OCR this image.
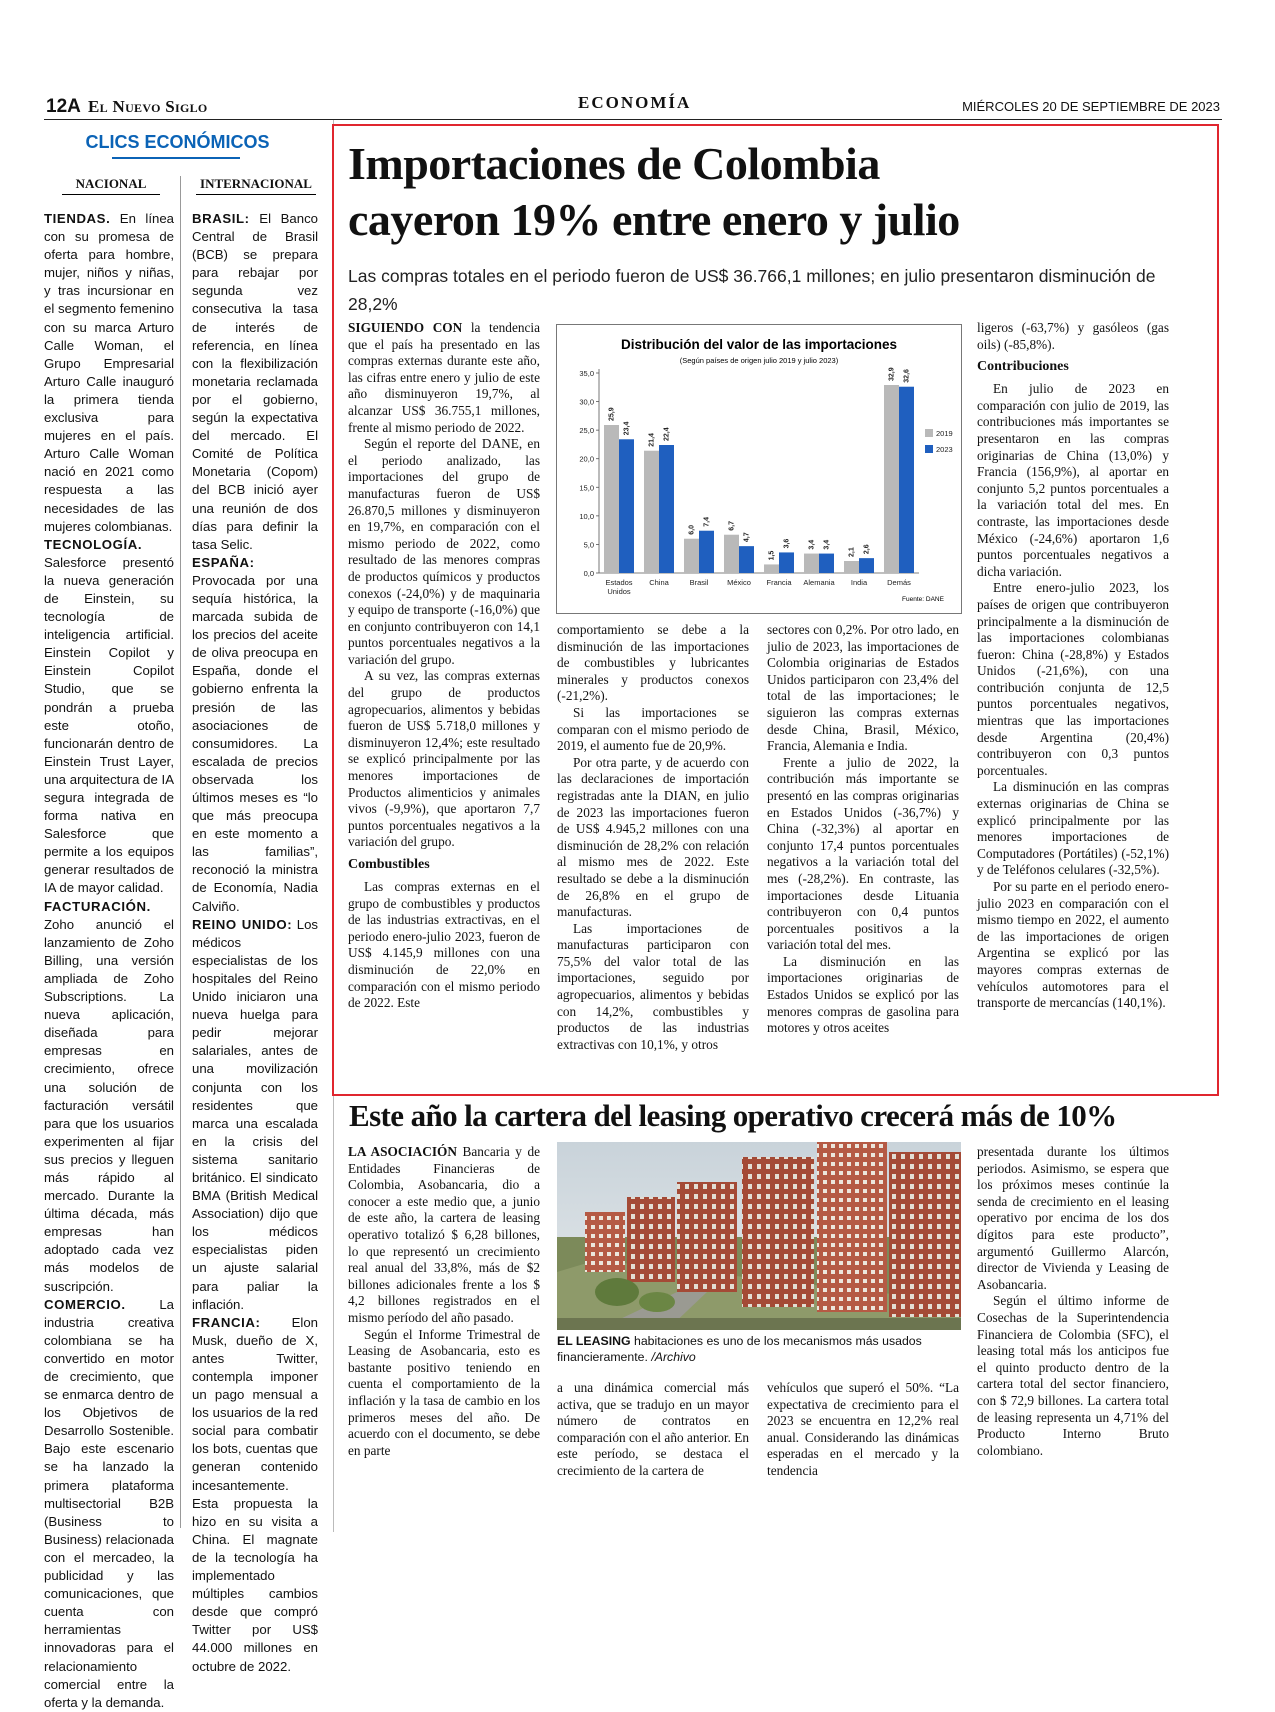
12A El Nuevo Siglo	ECONOMÍA	MIÉRCOLES 20 DE SEPTIEMBRE DE 2023
CLICS ECONÓMICOS
NACIONAL	INTERNACIONAL

TIENDAS. En línea con su promesa de oferta para hombre, mujer, niños y niñas, y tras incursionar en el segmento femenino con su marca Arturo Calle Woman, el Grupo Empresarial Arturo Calle inauguró la primera tienda exclusiva para mujeres en el país. Arturo Calle Woman nació en 2021 como respuesta a las necesidades de las mujeres colombianas.

TECNOLOGÍA. Salesforce presentó la nueva generación de Einstein, su tecnología de inteligencia artificial. Einstein Copilot y Einstein Copilot Studio, que se pondrán a prueba este otoño, funcionarán dentro de Einstein Trust Layer, una arquitectura de IA segura integrada de forma nativa en Salesforce que permite a los equipos generar resultados de IA de mayor calidad.

FACTURACIÓN. Zoho anunció el lanzamiento de Zoho Billing, una versión ampliada de Zoho Subscriptions. La nueva aplicación, diseñada para empresas en crecimiento, ofrece una solución de facturación versátil para que los usuarios experimenten al fijar sus precios y lleguen más rápido al mercado. Durante la última década, más empresas han adoptado cada vez más modelos de suscripción.

COMERCIO. La industria creativa colombiana se ha convertido en motor de crecimiento, que se enmarca dentro de los Objetivos de Desarrollo Sostenible. Bajo este escenario se ha lanzado la primera plataforma multisectorial B2B (Business to Business) relacionada con el mercadeo, la publicidad y las comunicaciones, que cuenta con herramientas innovadoras para el relacionamiento comercial entre la oferta y la demanda.

BRASIL: El Banco Central de Brasil (BCB) se prepara para rebajar por segunda vez consecutiva la tasa de interés de referencia, en línea con la flexibilización monetaria reclamada por el gobierno, según la expectativa del mercado. El Comité de Política Monetaria (Copom) del BCB inició ayer una reunión de dos días para definir la tasa Selic.

ESPAÑA: Provocada por una sequía histórica, la marcada subida de los precios del aceite de oliva preocupa en España, donde el gobierno enfrenta la presión de las asociaciones de consumidores. La escalada de precios observada los últimos meses es “lo que más preocupa en este momento a las familias”, reconoció la ministra de Economía, Nadia Calviño.

REINO UNIDO: Los médicos especialistas de los hospitales del Reino Unido iniciaron una nueva huelga para pedir mejorar salariales, antes de una movilización conjunta con los residentes que marca una escalada en la crisis del sistema sanitario británico. El sindicato BMA (British Medical Association) dijo que los médicos especialistas piden un ajuste salarial para paliar la inflación.

FRANCIA: Elon Musk, dueño de X, antes Twitter, contempla imponer un pago mensual a los usuarios de la red social para combatir los bots, cuentas que generan contenido incesantemente. Esta propuesta la hizo en su visita a China. El magnate de la tecnología ha implementado múltiples cambios desde que compró Twitter por US$ 44.000 millones en octubre de 2022.

Importaciones de Colombia
cayeron 19% entre enero y julio
Las compras totales en el periodo fueron de US$ 36.766,1 millones; en julio presentaron disminución de 28,2%

SIGUIENDO CON la tendencia que el país ha presentado en las compras externas durante este año, las cifras entre enero y julio de este año disminuyeron 19,7%, al alcanzar US$ 36.755,1 millones, frente al mismo periodo de 2022.

Según el reporte del DANE, en el periodo analizado, las importaciones del grupo de manufacturas fueron de US$ 26.870,5 millones y disminuyeron en 19,7%, en comparación con el mismo periodo de 2022, como resultado de las menores compras de productos químicos y productos conexos (-24,0%) y de maquinaria y equipo de transporte (-16,0%) que en conjunto contribuyeron con 14,1 puntos porcentuales negativos a la variación del grupo.

A su vez, las compras externas del grupo de productos agropecuarios, alimentos y bebidas fueron de US$ 5.718,0 millones y disminuyeron 12,4%; este resultado se explicó principalmente por las menores importaciones de Productos alimenticios y animales vivos (-9,9%), que aportaron 7,7 puntos porcentuales negativos a la variación del grupo.

Combustibles

Las compras externas en el grupo de combustibles y productos de las industrias extractivas, en el periodo enero-julio 2023, fueron de US$ 4.145,9 millones con una disminución de 22,0% en comparación con el mismo periodo de 2022. Este

Distribución del valor de las importaciones
(Según países de origen julio 2019 y julio 2023)
0,0
5,0
10,0
15,0
20,0
25,0
30,0
35,0
25,9
23,4
Estados Unidos
21,4 22,4
China
6,0
7,4
Brasil
6,7
4,7
México
1,5
3,6
Francia
3,4 3,4
Alemania
2,1 2,6
India
32,9 32,6
Demás
2019
2023
Fuente: DANE

comportamiento se debe a la disminución de las importaciones de combustibles y lubricantes minerales y productos conexos (-21,2%).

Si las importaciones se comparan con el mismo periodo de 2019, el aumento fue de 20,9%.

Por otra parte, y de acuerdo con las declaraciones de importación registradas ante la DIAN, en julio de 2023 las importaciones fueron de US$ 4.945,2 millones con una disminución de 28,2% con relación al mismo mes de 2022. Este resultado se debe a la disminución de 26,8% en el grupo de manufacturas.

Las importaciones de manufacturas participaron con 75,5% del valor total de las importaciones, seguido por agropecuarios, alimentos y bebidas con 14,2%, combustibles y productos de las industrias extractivas con 10,1%, y otros

sectores con 0,2%. Por otro lado, en julio de 2023, las importaciones de Colombia originarias de Estados Unidos participaron con 23,4% del total de las importaciones; le siguieron las compras externas desde China, Brasil, México, Francia, Alemania e India.

Frente a julio de 2022, la contribución más importante se presentó en las compras originarias en Estados Unidos (-36,7%) y China (-32,3%) al aportar en conjunto 17,4 puntos porcentuales negativos a la variación total del mes (-28,2%). En contraste, las importaciones desde Lituania contribuyeron con 0,4 puntos porcentuales positivos a la variación total del mes.

La disminución en las importaciones originarias de Estados Unidos se explicó por las menores compras de gasolina para motores y otros aceites

ligeros (-63,7%) y gasóleos (gas oils) (-85,8%).

Contribuciones

En julio de 2023 en comparación con julio de 2019, las contribuciones más importantes se presentaron en las compras originarias de China (13,0%) y Francia (156,9%), al aportar en conjunto 5,2 puntos porcentuales a la variación total del mes. En contraste, las importaciones desde México (-24,6%) aportaron 1,6 puntos porcentuales negativos a dicha variación.

Entre enero-julio 2023, los países de origen que contribuyeron principalmente a la disminución de las importaciones colombianas fueron: China (-28,8%) y Estados Unidos (-21,6%), con una contribución conjunta de 12,5 puntos porcentuales negativos, mientras que las importaciones desde Argentina (20,4%) contribuyeron con 0,3 puntos porcentuales.

La disminución en las compras externas originarias de China se explicó principalmente por las menores importaciones de Computadores (Portátiles) (-52,1%) y de Teléfonos celulares (-32,5%).

Por su parte en el periodo enero-julio 2023 en comparación con el mismo tiempo en 2022, el aumento de las importaciones de origen Argentina se explicó por las mayores compras externas de vehículos automotores para el transporte de mercancías (140,1%).

Este año la cartera del leasing operativo crecerá más de 10%

LA ASOCIACIÓN Bancaria y de Entidades Financieras de Colombia, Asobancaria, dio a conocer a este medio que, a junio de este año, la cartera de leasing operativo totalizó $ 6,28 billones, lo que representó un crecimiento real anual del 33,8%, más de $2 billones adicionales frente a los $ 4,2 billones registrados en el mismo período del año pasado.

Según el Informe Trimestral de Leasing de Asobancaria, esto es bastante positivo teniendo en cuenta el comportamiento de la inflación y la tasa de cambio en los primeros meses del año. De acuerdo con el documento, se debe en parte

EL LEASING habitaciones es uno de los mecanismos más usados financieramente. /Archivo

a una dinámica comercial más activa, que se tradujo en un mayor número de contratos en comparación con el año anterior. En este período, se destaca el crecimiento de la cartera de

vehículos que superó el 50%. “La expectativa de crecimiento para el 2023 se encuentra en 12,2% real anual. Considerando las dinámicas esperadas en el mercado y la tendencia

presentada durante los últimos periodos. Asimismo, se espera que los próximos meses continúe la senda de crecimiento en el leasing operativo por encima de los dos dígitos para este producto”, argumentó Guillermo Alarcón, director de Vivienda y Leasing de Asobancaria.

Según el último informe de Cosechas de la Superintendencia Financiera de Colombia (SFC), el leasing total más los anticipos fue el quinto producto dentro de la cartera total del sector financiero, con $ 72,9 billones. La cartera total de leasing representa un 4,71% del Producto Interno Bruto colombiano.
